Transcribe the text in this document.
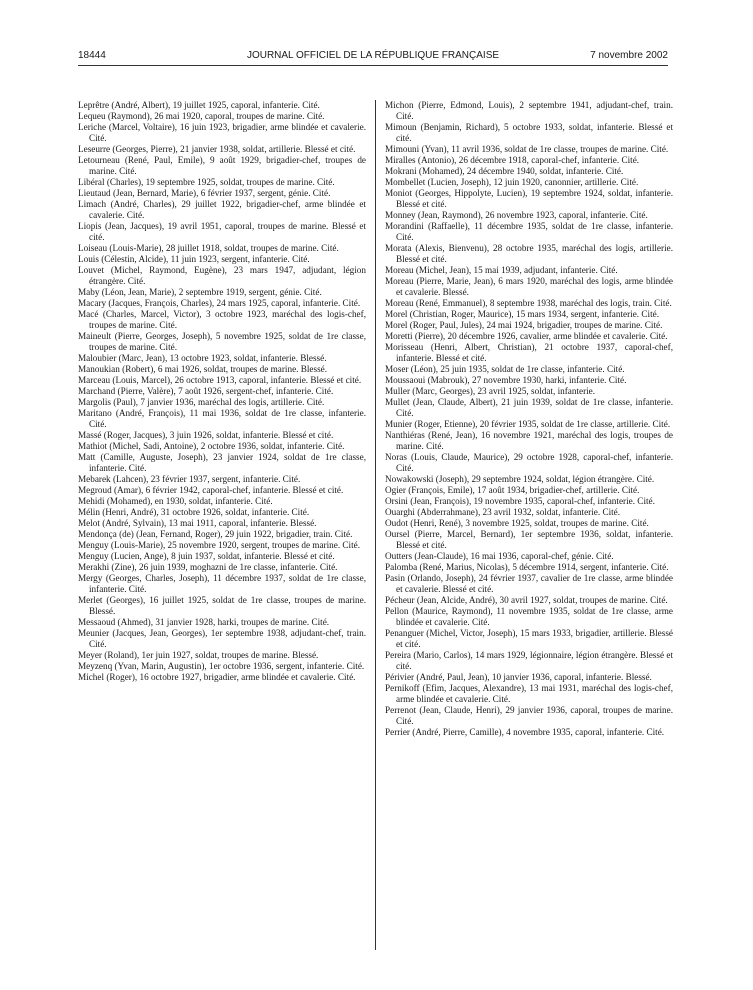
18444	JOURNAL OFFICIEL DE LA RÉPUBLIQUE FRANÇAISE	7 novembre 2002

Leprêtre (André, Albert), 19 juillet 1925, caporal, infanterie. Cité.

Lequeu (Raymond), 26 mai 1920, caporal, troupes de marine. Cité.

Leriche (Marcel, Voltaire), 16 juin 1923, brigadier, arme blindée et cavalerie. Cité.

Leseurre (Georges, Pierre), 21 janvier 1938, soldat, artillerie. Blessé et cité.

Letourneau (René, Paul, Emile), 9 août 1929, brigadier-chef, troupes de marine. Cité.

Libéral (Charles), 19 septembre 1925, soldat, troupes de marine. Cité.

Lieutaud (Jean, Bernard, Marie), 6 février 1937, sergent, génie. Cité.

Limach (André, Charles), 29 juillet 1922, brigadier-chef, arme blindée et cavalerie. Cité.

Liopis (Jean, Jacques), 19 avril 1951, caporal, troupes de marine. Blessé et cité.

Loiseau (Louis-Marie), 28 juillet 1918, soldat, troupes de marine. Cité.

Louis (Célestin, Alcide), 11 juin 1923, sergent, infanterie. Cité.

Louvet (Michel, Raymond, Eugène), 23 mars 1947, adjudant, légion étrangère. Cité.

Maby (Léon, Jean, Marie), 2 septembre 1919, sergent, génie. Cité.

Macary (Jacques, François, Charles), 24 mars 1925, caporal, infanterie. Cité.

Macé (Charles, Marcel, Victor), 3 octobre 1923, maréchal des logis-chef, troupes de marine. Cité.

Maineult (Pierre, Georges, Joseph), 5 novembre 1925, soldat de 1re classe, troupes de marine. Cité.

Maloubier (Marc, Jean), 13 octobre 1923, soldat, infanterie. Blessé.

Manoukian (Robert), 6 mai 1926, soldat, troupes de marine. Blessé.

Marceau (Louis, Marcel), 26 octobre 1913, caporal, infanterie. Blessé et cité.

Marchand (Pierre, Valère), 7 août 1926, sergent-chef, infanterie. Cité.

Margolis (Paul), 7 janvier 1936, maréchal des logis, artillerie. Cité.

Maritano (André, François), 11 mai 1936, soldat de 1re classe, infanterie. Cité.

Massé (Roger, Jacques), 3 juin 1926, soldat, infanterie. Blessé et cité.

Mathiot (Michel, Sadi, Antoine), 2 octobre 1936, soldat, infanterie. Cité.

Matt (Camille, Auguste, Joseph), 23 janvier 1924, soldat de 1re classe, infanterie. Cité.

Mebarek (Lahcen), 23 février 1937, sergent, infanterie. Cité.

Megroud (Amar), 6 février 1942, caporal-chef, infanterie. Blessé et cité.

Mehidi (Mohamed), en 1930, soldat, infanterie. Cité.

Mélin (Henri, André), 31 octobre 1926, soldat, infanterie. Cité.

Melot (André, Sylvain), 13 mai 1911, caporal, infanterie. Blessé.

Mendonça (de) (Jean, Fernand, Roger), 29 juin 1922, brigadier, train. Cité.

Menguy (Louis-Marie), 25 novembre 1920, sergent, troupes de marine. Cité.

Menguy (Lucien, Ange), 8 juin 1937, soldat, infanterie. Blessé et cité.

Merakhi (Zine), 26 juin 1939, moghazni de 1re classe, infanterie. Cité.

Mergy (Georges, Charles, Joseph), 11 décembre 1937, soldat de 1re classe, infanterie. Cité.

Merlet (Georges), 16 juillet 1925, soldat de 1re classe, troupes de marine. Blessé.

Messaoud (Ahmed), 31 janvier 1928, harki, troupes de marine. Cité.

Meunier (Jacques, Jean, Georges), 1er septembre 1938, adjudant-chef, train. Cité.

Meyer (Roland), 1er juin 1927, soldat, troupes de marine. Blessé.

Meyzenq (Yvan, Marin, Augustin), 1er octobre 1936, sergent, infanterie. Cité.

Michel (Roger), 16 octobre 1927, brigadier, arme blindée et cavalerie. Cité.

Michon (Pierre, Edmond, Louis), 2 septembre 1941, adjudant-chef, train. Cité.

Mimoun (Benjamin, Richard), 5 octobre 1933, soldat, infanterie. Blessé et cité.

Mimouni (Yvan), 11 avril 1936, soldat de 1re classe, troupes de marine. Cité.

Miralles (Antonio), 26 décembre 1918, caporal-chef, infanterie. Cité.

Mokrani (Mohamed), 24 décembre 1940, soldat, infanterie. Cité.

Mombellet (Lucien, Joseph), 12 juin 1920, canonnier, artillerie. Cité.

Moniot (Georges, Hippolyte, Lucien), 19 septembre 1924, soldat, infanterie. Blessé et cité.

Monney (Jean, Raymond), 26 novembre 1923, caporal, infanterie. Cité.

Morandini (Raffaelle), 11 décembre 1935, soldat de 1re classe, infanterie. Cité.

Morata (Alexis, Bienvenu), 28 octobre 1935, maréchal des logis, artillerie. Blessé et cité.

Moreau (Michel, Jean), 15 mai 1939, adjudant, infanterie. Cité.

Moreau (Pierre, Marie, Jean), 6 mars 1920, maréchal des logis, arme blindée et cavalerie. Blessé.

Moreau (René, Emmanuel), 8 septembre 1938, maréchal des logis, train. Cité.

Morel (Christian, Roger, Maurice), 15 mars 1934, sergent, infanterie. Cité.

Morel (Roger, Paul, Jules), 24 mai 1924, brigadier, troupes de marine. Cité.

Moretti (Pierre), 20 décembre 1926, cavalier, arme blindée et cavalerie. Cité.

Morisseau (Henri, Albert, Christian), 21 octobre 1937, caporal-chef, infanterie. Blessé et cité.

Moser (Léon), 25 juin 1935, soldat de 1re classe, infanterie. Cité.

Moussaoui (Mabrouk), 27 novembre 1930, harki, infanterie. Cité.

Muller (Marc, Georges), 23 avril 1925, soldat, infanterie.

Mullet (Jean, Claude, Albert), 21 juin 1939, soldat de 1re classe, infanterie. Cité.

Munier (Roger, Etienne), 20 février 1935, soldat de 1re classe, artillerie. Cité.

Nanthiéras (René, Jean), 16 novembre 1921, maréchal des logis, troupes de marine. Cité.

Noras (Louis, Claude, Maurice), 29 octobre 1928, caporal-chef, infanterie. Cité.

Nowakowski (Joseph), 29 septembre 1924, soldat, légion étrangère. Cité.

Ogier (François, Emile), 17 août 1934, brigadier-chef, artillerie. Cité.

Orsini (Jean, François), 19 novembre 1935, caporal-chef, infanterie. Cité.

Ouarghi (Abderrahmane), 23 avril 1932, soldat, infanterie. Cité.

Oudot (Henri, René), 3 novembre 1925, soldat, troupes de marine. Cité.

Oursel (Pierre, Marcel, Bernard), 1er septembre 1936, soldat, infanterie. Blessé et cité.

Outters (Jean-Claude), 16 mai 1936, caporal-chef, génie. Cité.

Palomba (René, Marius, Nicolas), 5 décembre 1914, sergent, infanterie. Cité.

Pasin (Orlando, Joseph), 24 février 1937, cavalier de 1re classe, arme blindée et cavalerie. Blessé et cité.

Pécheur (Jean, Alcide, André), 30 avril 1927, soldat, troupes de marine. Cité.

Pellon (Maurice, Raymond), 11 novembre 1935, soldat de 1re classe, arme blindée et cavalerie. Cité.

Penanguer (Michel, Victor, Joseph), 15 mars 1933, brigadier, artillerie. Blessé et cité.

Pereira (Mario, Carlos), 14 mars 1929, légionnaire, légion étrangère. Blessé et cité.

Périvier (André, Paul, Jean), 10 janvier 1936, caporal, infanterie. Blessé.

Pernikoff (Efim, Jacques, Alexandre), 13 mai 1931, maréchal des logis-chef, arme blindée et cavalerie. Cité.

Perrenot (Jean, Claude, Henri), 29 janvier 1936, caporal, troupes de marine. Cité.

Perrier (André, Pierre, Camille), 4 novembre 1935, caporal, infanterie. Cité.
